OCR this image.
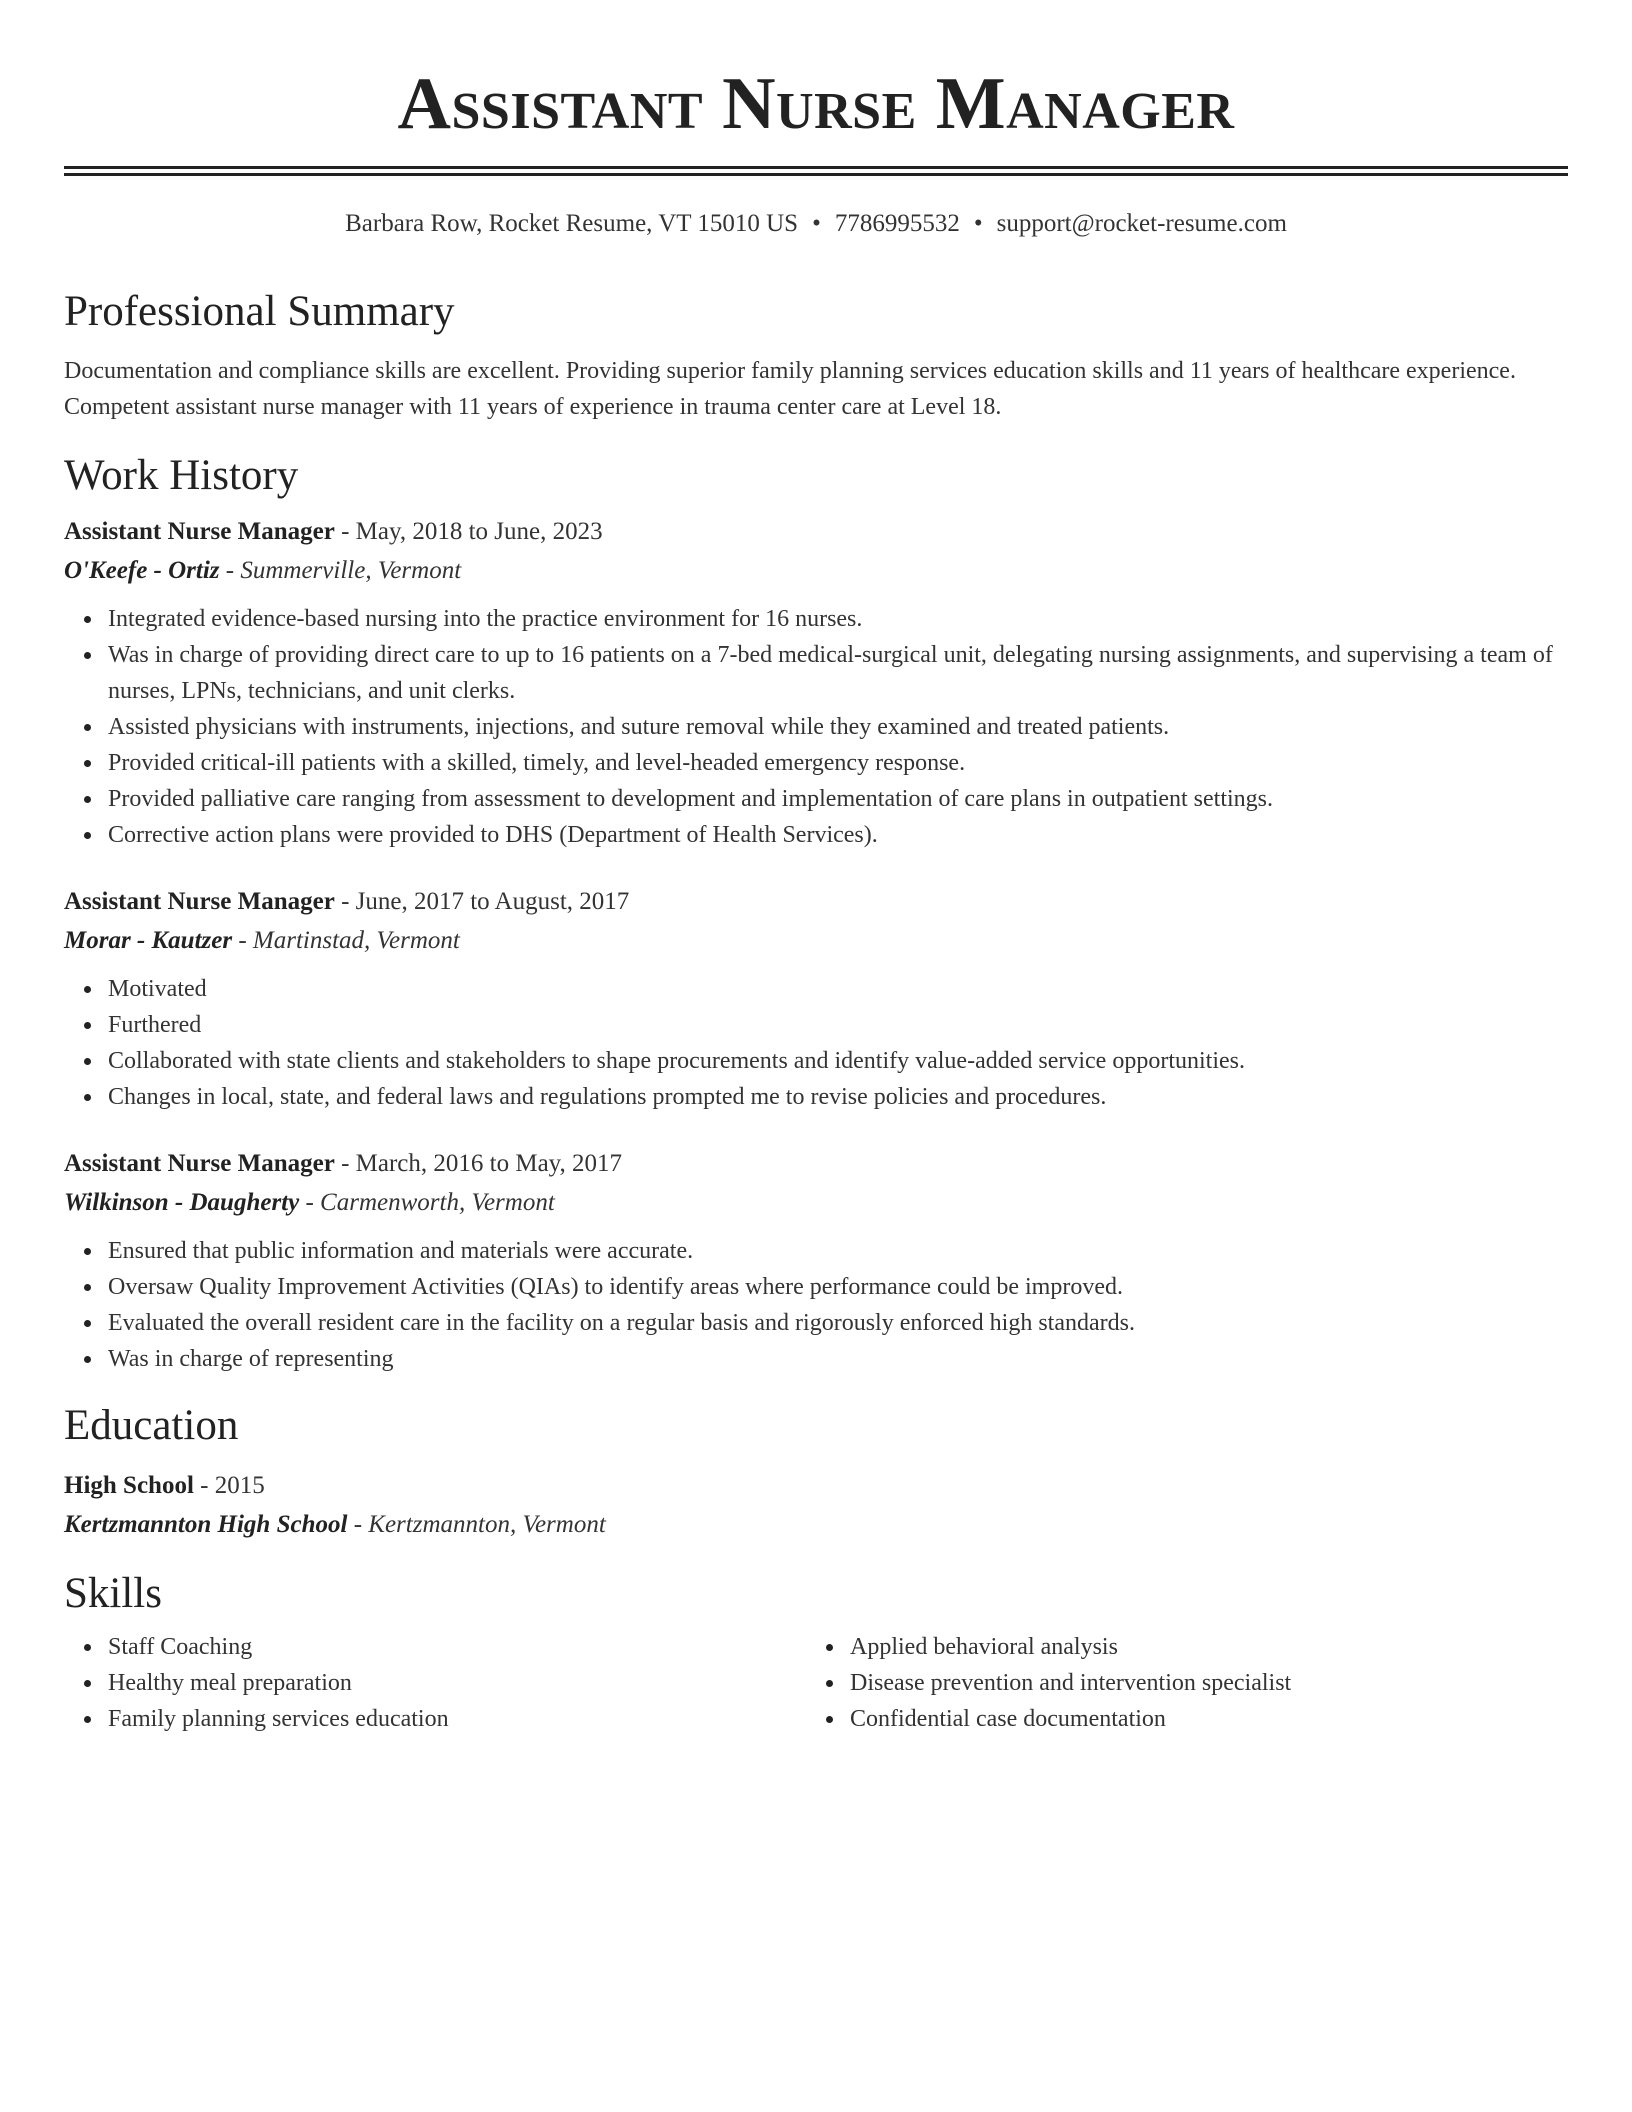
Assistant Nurse Manager
Barbara Row, Rocket Resume, VT 15010 US • 7786995532 • support@rocket-resume.com
Professional Summary
Documentation and compliance skills are excellent. Providing superior family planning services education skills and 11 years of healthcare experience. Competent assistant nurse manager with 11 years of experience in trauma center care at Level 18.
Work History
Assistant Nurse Manager - May, 2018 to June, 2023
O'Keefe - Ortiz - Summerville, Vermont
Integrated evidence-based nursing into the practice environment for 16 nurses.
Was in charge of providing direct care to up to 16 patients on a 7-bed medical-surgical unit, delegating nursing assignments, and supervising a team of nurses, LPNs, technicians, and unit clerks.
Assisted physicians with instruments, injections, and suture removal while they examined and treated patients.
Provided critical-ill patients with a skilled, timely, and level-headed emergency response.
Provided palliative care ranging from assessment to development and implementation of care plans in outpatient settings.
Corrective action plans were provided to DHS (Department of Health Services).
Assistant Nurse Manager - June, 2017 to August, 2017
Morar - Kautzer - Martinstad, Vermont
Motivated
Furthered
Collaborated with state clients and stakeholders to shape procurements and identify value-added service opportunities.
Changes in local, state, and federal laws and regulations prompted me to revise policies and procedures.
Assistant Nurse Manager - March, 2016 to May, 2017
Wilkinson - Daugherty - Carmenworth, Vermont
Ensured that public information and materials were accurate.
Oversaw Quality Improvement Activities (QIAs) to identify areas where performance could be improved.
Evaluated the overall resident care in the facility on a regular basis and rigorously enforced high standards.
Was in charge of representing
Education
High School - 2015
Kertzmannton High School - Kertzmannton, Vermont
Skills
Staff Coaching
Healthy meal preparation
Family planning services education
Applied behavioral analysis
Disease prevention and intervention specialist
Confidential case documentation
